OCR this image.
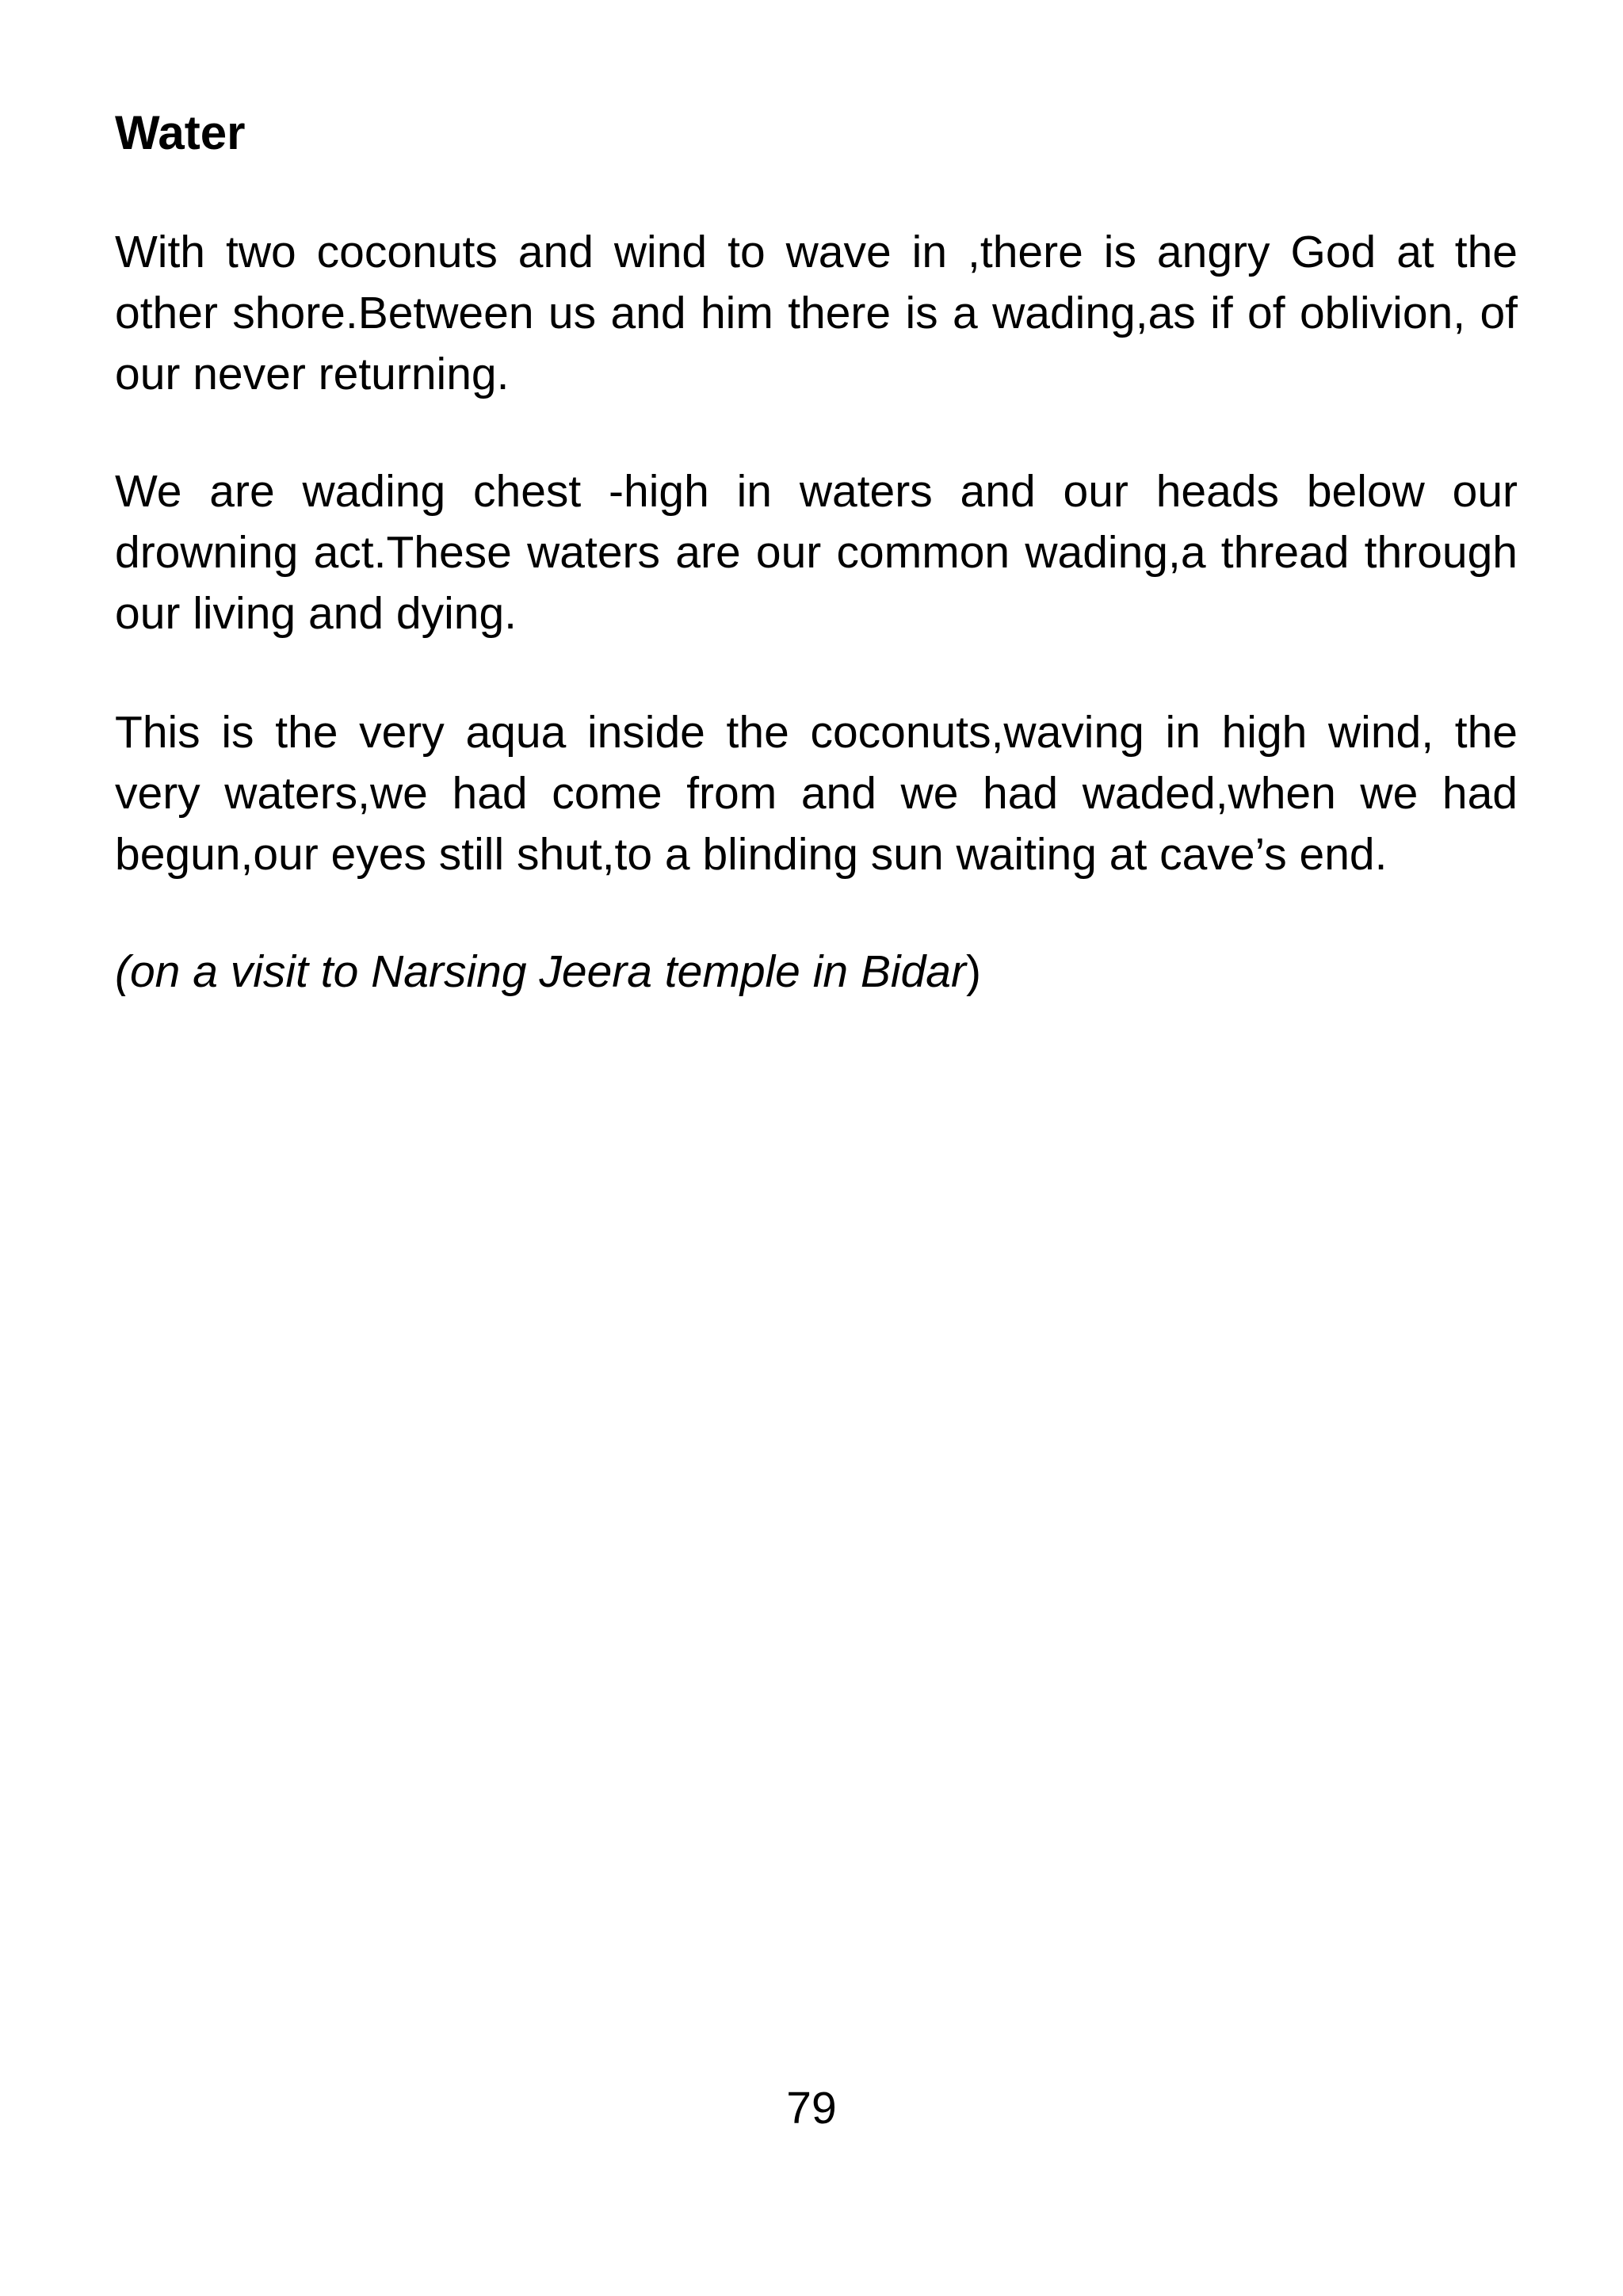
Water

With two coconuts and wind to wave in ,there is angry God at the other shore.Between us and him there is a wading,as if of oblivion, of our never returning.

We are wading chest -high in waters and our heads below our drowning act.These waters are our common wading,a thread through our living and dying.

This is the very aqua inside the coconuts,waving in high wind, the very waters,we had come from and we had waded,when we had begun,our eyes still shut,to a blinding sun waiting at cave’s end.

(on a visit to Narsing Jeera temple in Bidar)

79
